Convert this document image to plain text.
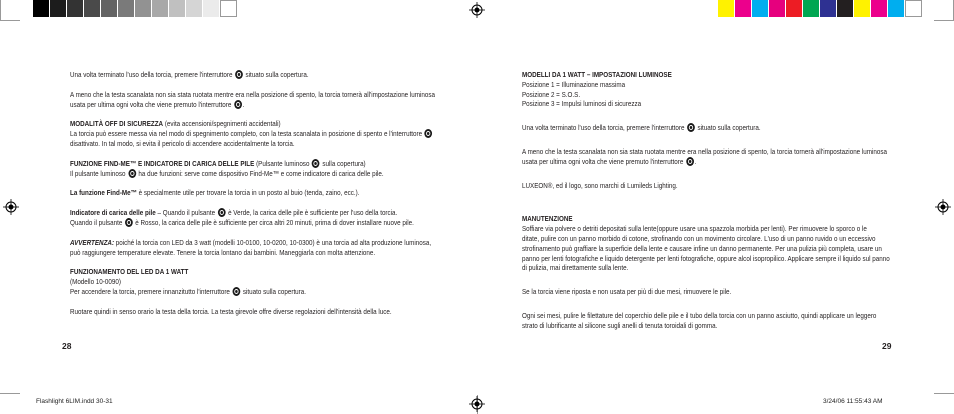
Una volta terminato l'uso della torcia, premere l'interruttore situato sulla copertura.

A meno che la testa scanalata non sia stata ruotata mentre era nella posizione di spento, la torcia tornerà all'impostazione luminosa
usata per ultima ogni volta che viene premuto l'interruttore .

MODALITÀ OFF DI SICUREZZA (evita accensioni/spegnimenti accidentali)
La torcia può essere messa via nel modo di spegnimento completo, con la testa scanalata in posizione di spento e l'interruttore
disattivato. In tal modo, si evita il pericolo di accendere accidentalmente la torcia.

FUNZIONE FIND-ME™ E INDICATORE DI CARICA DELLE PILE (Pulsante luminoso sulla copertura)
Il pulsante luminoso ha due funzioni: serve come dispositivo Find-Me™ e come indicatore di carica delle pile.

La funzione Find-Me™ è specialmente utile per trovare la torcia in un posto al buio (tenda, zaino, ecc.).

Indicatore di carica delle pile – Quando il pulsante è Verde, la carica delle pile è sufficiente per l'uso della torcia.
Quando il pulsante è Rosso, la carica delle pile è sufficiente per circa altri 20 minuti, prima di dover installare nuove pile.

AVVERTENZA: poiché la torcia con LED da 3 watt (modelli 10-0100, 10-0200, 10-0300) è una torcia ad alta produzione luminosa,
può raggiungere temperature elevate. Tenere la torcia lontano dai bambini. Maneggiarla con molta attenzione.

FUNZIONAMENTO DEL LED DA 1 WATT
(Modello 10-0090)
Per accendere la torcia, premere innanzitutto l'interruttore situato sulla copertura.

Ruotare quindi in senso orario la testa della torcia. La testa girevole offre diverse regolazioni dell'intensità della luce.

28

MODELLI DA 1 WATT – IMPOSTAZIONI LUMINOSE
Posizione 1 = Illuminazione massima
Posizione 2 = S.O.S.
Posizione 3 = Impulsi luminosi di sicurezza

Una volta terminato l'uso della torcia, premere l'interruttore situato sulla copertura.

A meno che la testa scanalata non sia stata ruotata mentre era nella posizione di spento, la torcia tornerà all'impostazione luminosa
usata per ultima ogni volta che viene premuto l'interruttore .

LUXEON®, ed il logo, sono marchi di Lumileds Lighting.

MANUTENZIONE
Soffiare via polvere o detriti depositati sulla lente(oppure usare una spazzola morbida per lenti). Per rimuovere lo sporco o le
ditate, pulire con un panno morbido di cotone, strofinando con un movimento circolare. L'uso di un panno ruvido o un eccessivo
strofinamento può graffiare la superficie della lente e causare infine un danno permanente. Per una pulizia più completa, usare un
panno per lenti fotografiche e liquido detergente per lenti fotografiche, oppure alcol isopropilico. Applicare sempre il liquido sul panno
di pulizia, mai direttamente sulla lente.

Se la torcia viene riposta e non usata per più di due mesi, rimuovere le pile.

Ogni sei mesi, pulire le filettature del coperchio delle pile e il tubo della torcia con un panno asciutto, quindi applicare un leggero
strato di lubrificante al silicone sugli anelli di tenuta toroidali di gomma.

29
Flashlight 6LIM.indd 30-31	3/24/06 11:55:43 AM
